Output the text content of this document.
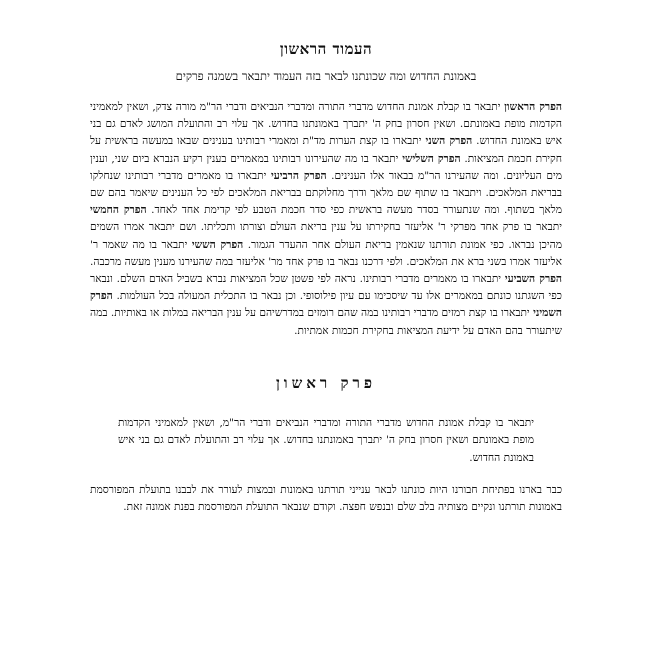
העמוד הראשון
באמונת החדוש ומה שכונתנו לבאר בזה העמוד יתבאר בשמנה פרקים

הפרק הראשון יתבאר בו קבלת אמונת החדוש מדברי התורה ומדברי הנביאים ודברי הר"מ מורה צדק, ושאין למאמיני הקדמות מופת באמונתם. ושאין חסרון בחק ה' יתברך באמונתנו בחדוש. אך עלוי רב והתועלת המושג לאדם גם בני איש באמונת החדוש. הפרק השני יתבארו בו קצת הערות מד"ת ומאמרי רבותינו בענינים שבאו במעשה בראשית על חקירת חכמת המציאות. הפרק השלישי יתבאר בו מה שהעירונו רבותינו במאמרים בענין רקיע הנברא ביום שני, וענין מים העליונים. ומה שהעירנו הר"מ בבאור אלו הענינים. הפרק הרביעי יתבארו בו מאמרים מדברי רבותינו שנחלקו בבריאת המלאכים. ויתבאר בו שתוף שם מלאך ודרך מחלוקתם בבריאת המלאכים לפי כל הענינים שיאמר בהם שם מלאך בשתוף. ומה שנתעורר בסדר מעשה בראשית כפי סדר חכמת הטבע לפי קדימת אחד לאחד. הפרק החמשי יתבאר בו פרק אחד מפרקי ר' אליעזר בחקירתו על ענין בריאת העולם וצורתו ותכליתו. ושם יתבאר אמרו השמים מהיכן נבראו. כפי אמונת תורתנו שנאמין בריאת העולם אחר ההעדר הגמור. הפרק הששי יתבאר בו מה שאמר ר' אליעזר אמרו בשני ברא את המלאכים. ולפי דרכנו נבאר בו פרק אחד מר' אליעזר במה שהעירנו מענין מעשה מרכבה. הפרק השביעי יתבארו בו מאמרים מדברי רבותינו. נראה לפי פשטן שכל המציאות נברא בשביל האדם השלם. ונבאר כפי השגתנו כונתם במאמרים אלו עד שיסכימו עם עיון פילוסופי. וכן נבאר בו התכלית המעולה בכל העולמות. הפרק השמיני יתבארו בו קצת רמזים מדברי רבותינו במה שהם רומזים במדרשיהם על ענין הבריאה במלות או באותיות. במה שיתעורר בהם האדם על ידיעת המציאות בחקירת חכמות אמתיות.

פרק ראשון

יתבאר בו קבלת אמונת החדוש מדברי התורה ומדברי הנביאים ודברי הר"מ, ושאין למאמיני הקדמות מופת באמונתם ושאין חסרון בחק ה' יתברך באמונתנו בחדוש. אך עלוי רב והתועלת לאדם גם בני איש באמונת החדוש.

כבר בארנו בפתיחת חבורנו היות כונתנו לבאר ענייני תורתנו באמונות ובמצות לעורר את לבבנו בתועלת המפורסמת באמונות תורתנו ונקיים מצותיה בלב שלם ובנפש חפצה. וקודם שנבאר התועלת המפורסמת בפנת אמונה זאת.
